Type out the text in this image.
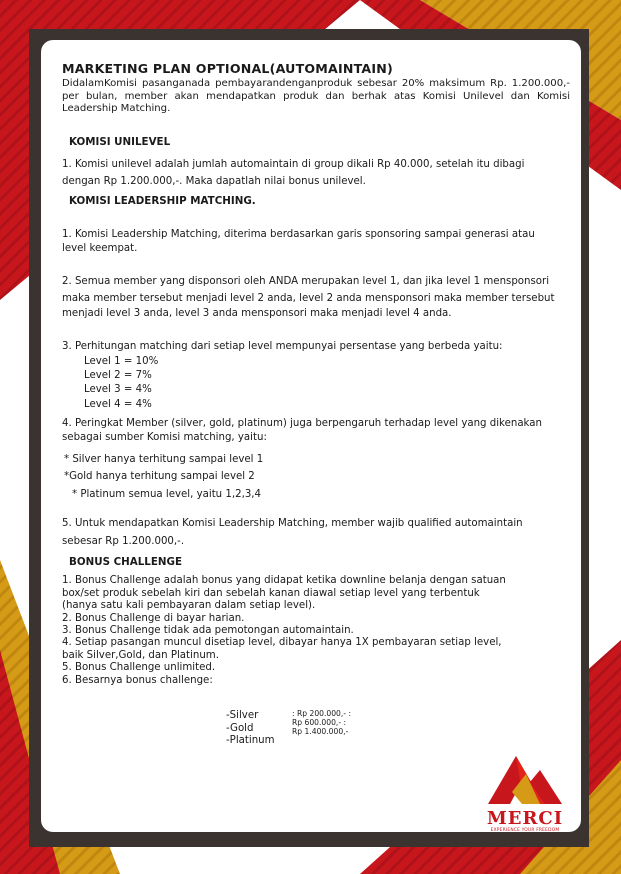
MARKETING PLAN OPTIONAL(AUTOMAINTAIN)

DidalamKomisi pasanganada pembayarandenganproduk sebesar 20% maksimum Rp. 1.200.000,- per bulan, member akan mendapatkan produk dan berhak atas Komisi Unilevel dan Komisi Leadership Matching.

KOMISI UNILEVEL

1. Komisi unilevel adalah jumlah automaintain di group dikali Rp 40.000, setelah itu dibagi

dengan Rp 1.200.000,-. Maka dapatlah nilai bonus unilevel.

KOMISI LEADERSHIP MATCHING.

1. Komisi Leadership Matching, diterima berdasarkan garis sponsoring sampai generasi atau

level keempat.

2. Semua member yang disponsori oleh ANDA merupakan level 1, dan jika level 1 mensponsori

maka member tersebut menjadi level 2 anda, level 2 anda mensponsori maka member tersebut

menjadi level 3 anda, level 3 anda mensponsori maka menjadi level 4 anda.

3. Perhitungan matching dari setiap level mempunyai persentase yang berbeda yaitu:

Level 1 = 10%

Level 2 = 7%

Level 3 = 4%

Level 4 = 4%

4. Peringkat Member (silver, gold, platinum) juga berpengaruh terhadap level yang dikenakan

sebagai sumber Komisi matching, yaitu:

* Silver hanya terhitung sampai level 1

*Gold hanya terhitung sampai level 2

* Platinum semua level, yaitu 1,2,3,4

5. Untuk mendapatkan Komisi Leadership Matching, member wajib qualified automaintain

sebesar Rp 1.200.000,-.

BONUS CHALLENGE

1. Bonus Challenge adalah bonus yang didapat ketika downline belanja dengan satuan

box/set produk sebelah kiri dan sebelah kanan diawal setiap level yang terbentuk

(hanya satu kali pembayaran dalam setiap level).

2. Bonus Challenge di bayar harian.

3. Bonus Challenge tidak ada pemotongan automaintain.

4. Setiap pasangan muncul disetiap level, dibayar hanya 1X pembayaran setiap level,

baik Silver,Gold, dan Platinum.

5. Bonus Challenge unlimited.

6. Besarnya bonus challenge:

-Silver

-Gold

-Platinum

: Rp 200.000,- :

Rp 600.000,- :

Rp 1.400.000,-

MERCI
EXPERIENCE YOUR FREEDOM
